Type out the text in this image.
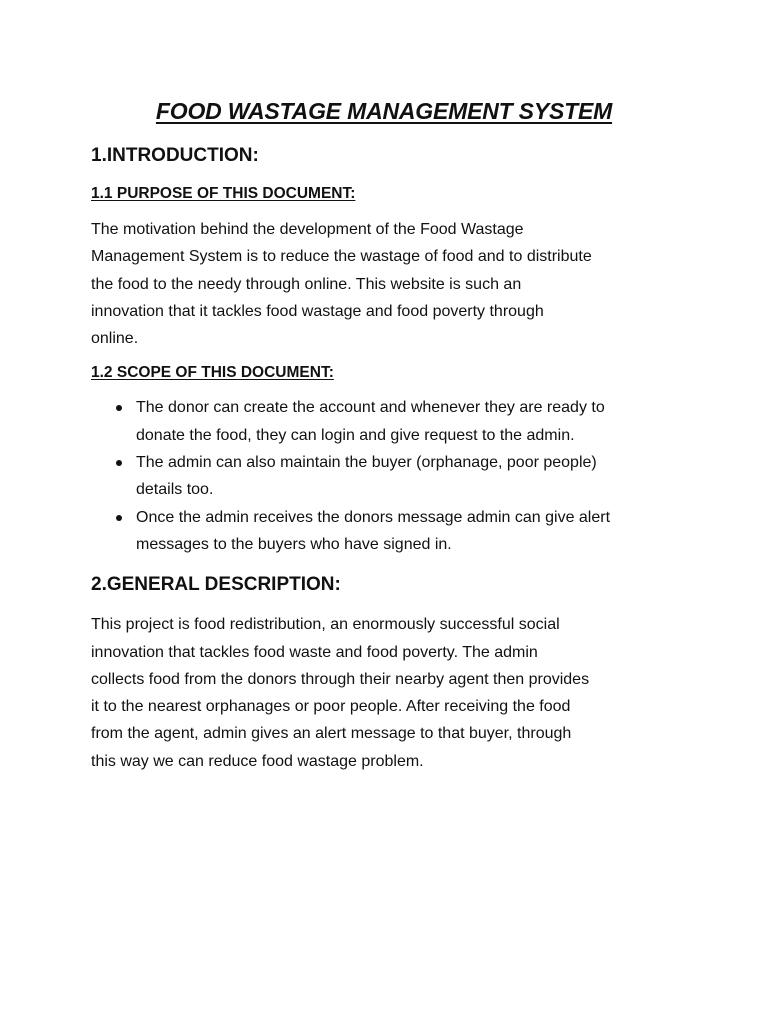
FOOD WASTAGE MANAGEMENT SYSTEM
1.INTRODUCTION:
1.1 PURPOSE OF THIS DOCUMENT:
The motivation behind the development of the Food Wastage
Management System is to reduce the wastage of food and to distribute
the food to the needy through online. This website is such an
innovation that it tackles food wastage and food poverty through
online.
1.2 SCOPE OF THIS DOCUMENT:
The donor can create the account and whenever they are ready to
donate the food, they can login and give request to the admin.
The admin can also maintain the buyer (orphanage, poor people)
details too.
Once the admin receives the donors message admin can give alert
messages to the buyers who have signed in.
2.GENERAL DESCRIPTION:
This project is food redistribution, an enormously successful social
innovation that tackles food waste and food poverty. The admin
collects food from the donors through their nearby agent then provides
it to the nearest orphanages or poor people. After receiving the food
from the agent, admin gives an alert message to that buyer, through
this way we can reduce food wastage problem.
